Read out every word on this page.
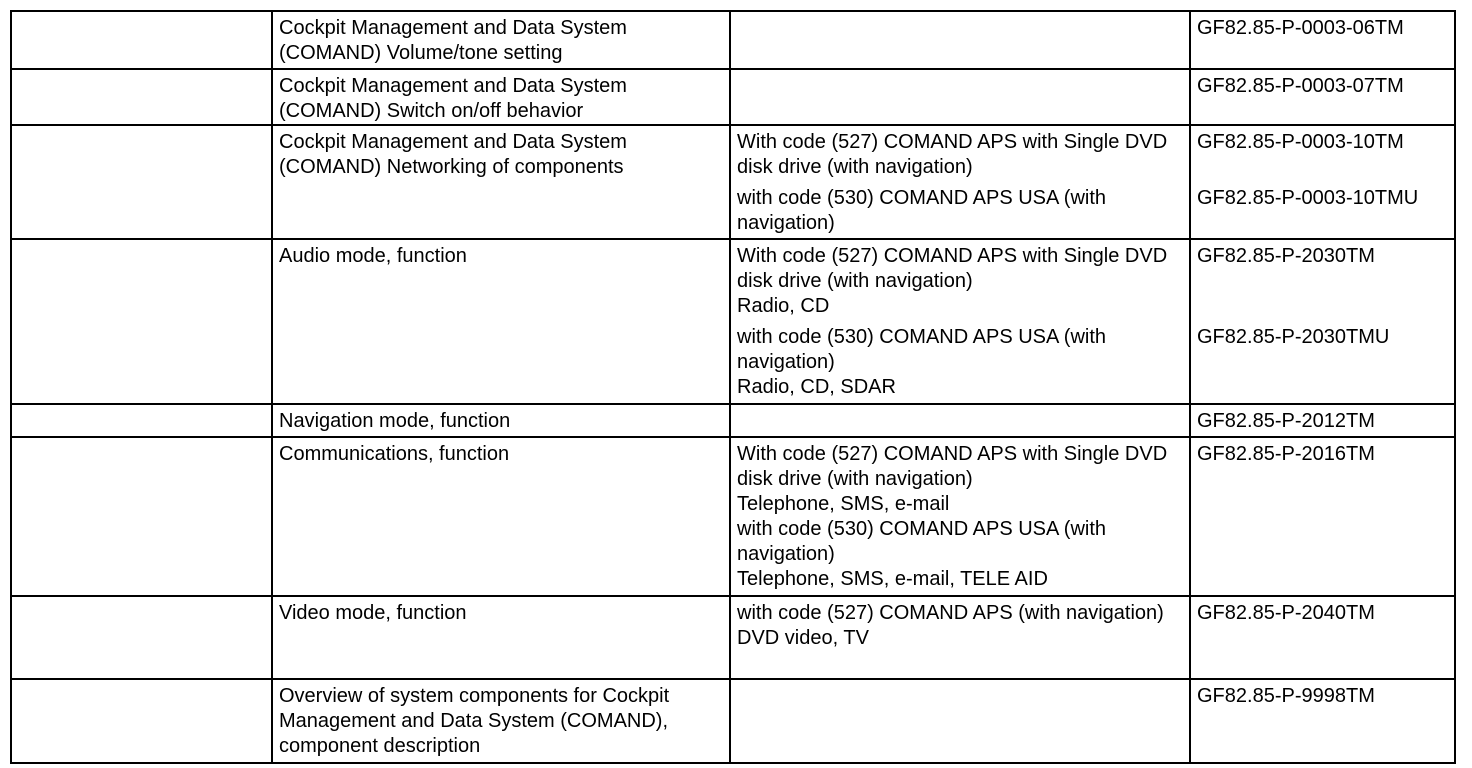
	Cockpit Management and Data System (COMAND) Volume/tone setting		GF82.85-P-0003-06TM

	Cockpit Management and Data System (COMAND) Switch on/off behavior		GF82.85-P-0003-07TM

	Cockpit Management and Data System (COMAND) Networking of components	With code (527) COMAND APS with Single DVD disk drive (with navigation)
with code (530) COMAND APS USA (with navigation)	GF82.85-P-0003-10TM
GF82.85-P-0003-10TMU

	Audio mode, function	With code (527) COMAND APS with Single DVD disk drive (with navigation)
Radio, CD
with code (530) COMAND APS USA (with navigation)
Radio, CD, SDAR	GF82.85-P-2030TM
GF82.85-P-2030TMU

	Navigation mode, function		GF82.85-P-2012TM

	Communications, function	With code (527) COMAND APS with Single DVD disk drive (with navigation)
Telephone, SMS, e-mail
with code (530) COMAND APS USA (with navigation)
Telephone, SMS, e-mail, TELE AID	GF82.85-P-2016TM

	Video mode, function	with code (527) COMAND APS (with navigation)
DVD video, TV	GF82.85-P-2040TM

	Overview of system components for Cockpit Management and Data System (COMAND), component description		GF82.85-P-9998TM
